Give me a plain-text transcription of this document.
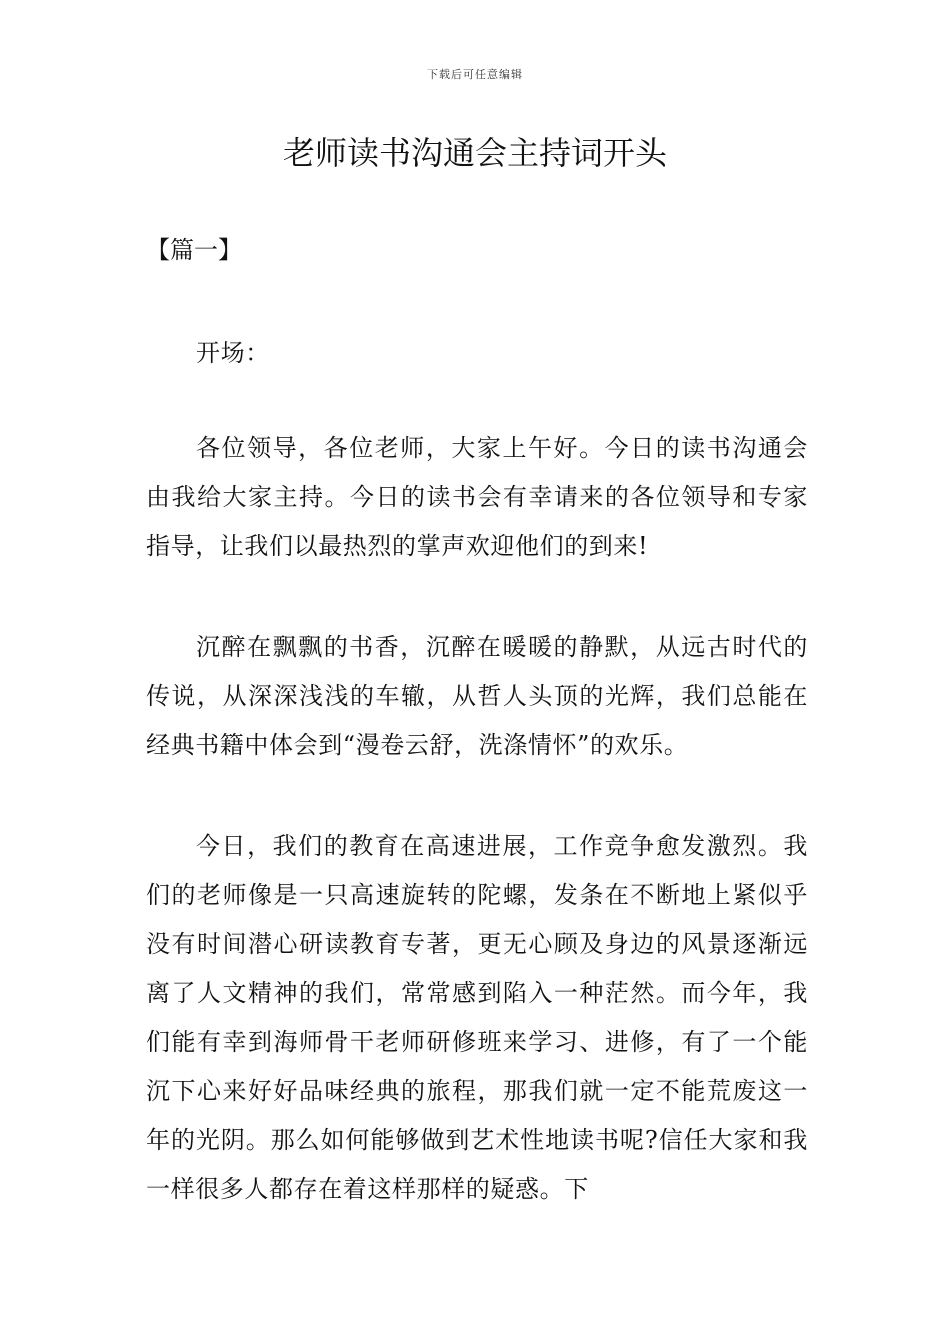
下载后可任意编辑
老师读书沟通会主持词开头
【篇一】

开场：

各位领导，各位老师，大家上午好。今日的读书沟通会由我给大家主持。今日的读书会有幸请来的各位领导和专家指导，让我们以最热烈的掌声欢迎他们的到来!

沉醉在飘飘的书香，沉醉在暖暖的静默，从远古时代的传说，从深深浅浅的车辙，从哲人头顶的光辉，我们总能在经典书籍中体会到“漫卷云舒，洗涤情怀”的欢乐。

今日，我们的教育在高速进展，工作竞争愈发激烈。我们的老师像是一只高速旋转的陀螺，发条在不断地上紧似乎没有时间潜心研读教育专著，更无心顾及身边的风景逐渐远离了人文精神的我们，常常感到陷入一种茫然。而今年，我们能有幸到海师骨干老师研修班来学习、进修，有了一个能沉下心来好好品味经典的旅程，那我们就一定不能荒废这一年的光阴。那么如何能够做到艺术性地读书呢?信任大家和我一样很多人都存在着这样那样的疑惑。下
